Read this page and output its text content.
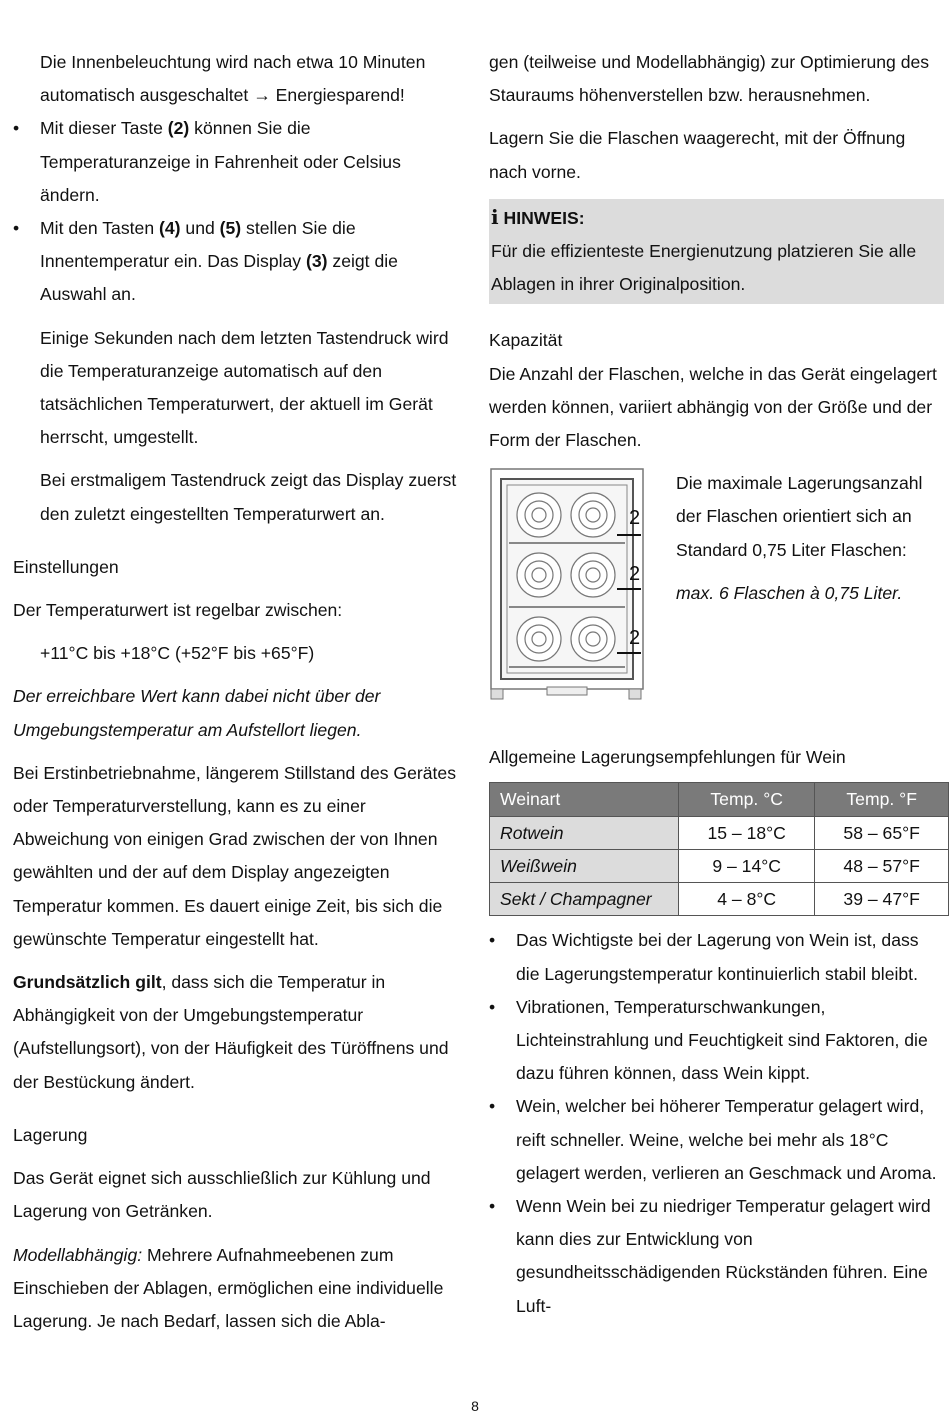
Die Innenbeleuchtung wird nach etwa 10 Minuten automatisch ausgeschaltet → Energiesparend!

• Mit dieser Taste (2) können Sie die Temperaturanzeige in Fahrenheit oder Celsius ändern.
• Mit den Tasten (4) und (5) stellen Sie die Innentemperatur ein. Das Display (3) zeigt die Auswahl an.

Einige Sekunden nach dem letzten Tastendruck wird die Temperaturanzeige automatisch auf den tatsächlichen Temperaturwert, der aktuell im Gerät herrscht, umgestellt.

Bei erstmaligem Tastendruck zeigt das Display zuerst den zuletzt eingestellten Temperaturwert an.

Einstellungen

Der Temperaturwert ist regelbar zwischen:

+11°C bis +18°C (+52°F bis +65°F)

Der erreichbare Wert kann dabei nicht über der Umgebungstemperatur am Aufstellort liegen.

Bei Erstinbetriebnahme, längerem Stillstand des Gerätes oder Temperaturverstellung, kann es zu einer Abweichung von einigen Grad zwischen der von Ihnen gewählten und der auf dem Display angezeigten Temperatur kommen. Es dauert einige Zeit, bis sich die gewünschte Temperatur eingestellt hat.

Grundsätzlich gilt, dass sich die Temperatur in Abhängigkeit von der Umgebungstemperatur (Aufstellungsort), von der Häufigkeit des Türöffnens und der Bestückung ändert.

Lagerung

Das Gerät eignet sich ausschließlich zur Kühlung und Lagerung von Getränken.

Modellabhängig: Mehrere Aufnahmeebenen zum Einschieben der Ablagen, ermöglichen eine individuelle Lagerung. Je nach Bedarf, lassen sich die Abla-

gen (teilweise und Modellabhängig) zur Optimierung des Stauraums höhenverstellen bzw. herausnehmen.

Lagern Sie die Flaschen waagerecht, mit der Öffnung nach vorne.

i HINWEIS:

Für die effizienteste Energienutzung platzieren Sie alle Ablagen in ihrer Originalposition.

Kapazität

Die Anzahl der Flaschen, welche in das Gerät eingelagert werden können, variiert abhängig von der Größe und der Form der Flaschen.

2
2
2

Die maximale Lagerungsanzahl der Flaschen orientiert sich an Standard 0,75 Liter Flaschen:

max. 6 Flaschen à 0,75 Liter.

Allgemeine Lagerungsempfehlungen für Wein

Weinart	Temp. °C	Temp. °F
Rotwein	15 – 18°C	58 – 65°F
Weißwein	9 – 14°C	48 – 57°F
Sekt / Champagner	4 – 8°C	39 – 47°F
• Das Wichtigste bei der Lagerung von Wein ist, dass die Lagerungstemperatur kontinuierlich stabil bleibt.
• Vibrationen, Temperaturschwankungen, Lichteinstrahlung und Feuchtigkeit sind Faktoren, die dazu führen können, dass Wein kippt.
• Wein, welcher bei höherer Temperatur gelagert wird, reift schneller. Weine, welche bei mehr als 18°C gelagert werden, verlieren an Geschmack und Aroma.
• Wenn Wein bei zu niedriger Temperatur gelagert wird kann dies zur Entwicklung von gesundheitsschädigenden Rückständen führen. Eine Luft-
8
